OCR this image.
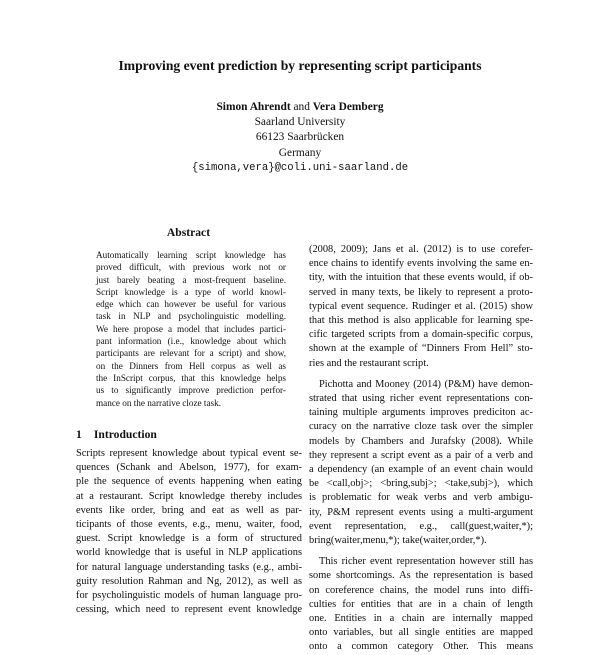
Improving event prediction by representing script participants
Simon Ahrendt and Vera Demberg
Saarland University
66123 Saarbrücken
Germany
{simona,vera}@coli.uni-saarland.de
Abstract
Automatically learning script knowledge has
proved difficult, with previous work not or
just barely beating a most-frequent baseline.
Script knowledge is a type of world knowl-
edge which can however be useful for various
task in NLP and psycholinguistic modelling.
We here propose a model that includes partici-
pant information (i.e., knowledge about which
participants are relevant for a script) and show,
on the Dinners from Hell corpus as well as
the InScript corpus, that this knowledge helps
us to significantly improve prediction perfor-
mance on the narrative cloze task.
1 Introduction
Scripts represent knowledge about typical event se-
quences (Schank and Abelson, 1977), for exam-
ple the sequence of events happening when eating
at a restaurant. Script knowledge thereby includes
events like order, bring and eat as well as par-
ticipants of those events, e.g., menu, waiter, food,
guest. Script knowledge is a form of structured
world knowledge that is useful in NLP applications
for natural language understanding tasks (e.g., ambi-
guity resolution Rahman and Ng, 2012), as well as
for psycholinguistic models of human language pro-
cessing, which need to represent event knowledge
(2008, 2009); Jans et al. (2012) is to use corefer-
ence chains to identify events involving the same en-
tity, with the intuition that these events would, if ob-
served in many texts, be likely to represent a proto-
typical event sequence. Rudinger et al. (2015) show
that this method is also applicable for learning spe-
cific targeted scripts from a domain-specific corpus,
shown at the example of “Dinners From Hell” sto-
ries and the restaurant script.
Pichotta and Mooney (2014) (P&M) have demon-
strated that using richer event representations con-
taining multiple arguments improves prediciton ac-
curacy on the narrative cloze task over the simpler
models by Chambers and Jurafsky (2008). While
they represent a script event as a pair of a verb and
a dependency (an example of an event chain would
be <call,obj>; <bring,subj>; <take,subj>), which
is problematic for weak verbs and verb ambigu-
ity, P&M represent events using a multi-argument
event representation, e.g., call(guest,waiter,*);
bring(waiter,menu,*); take(waiter,order,*).
This richer event representation however still has
some shortcomings. As the representation is based
on coreference chains, the model runs into diffi-
culties for entities that are in a chain of length
one. Entities in a chain are internally mapped
onto variables, but all single entities are mapped
onto a common category Other. This means
